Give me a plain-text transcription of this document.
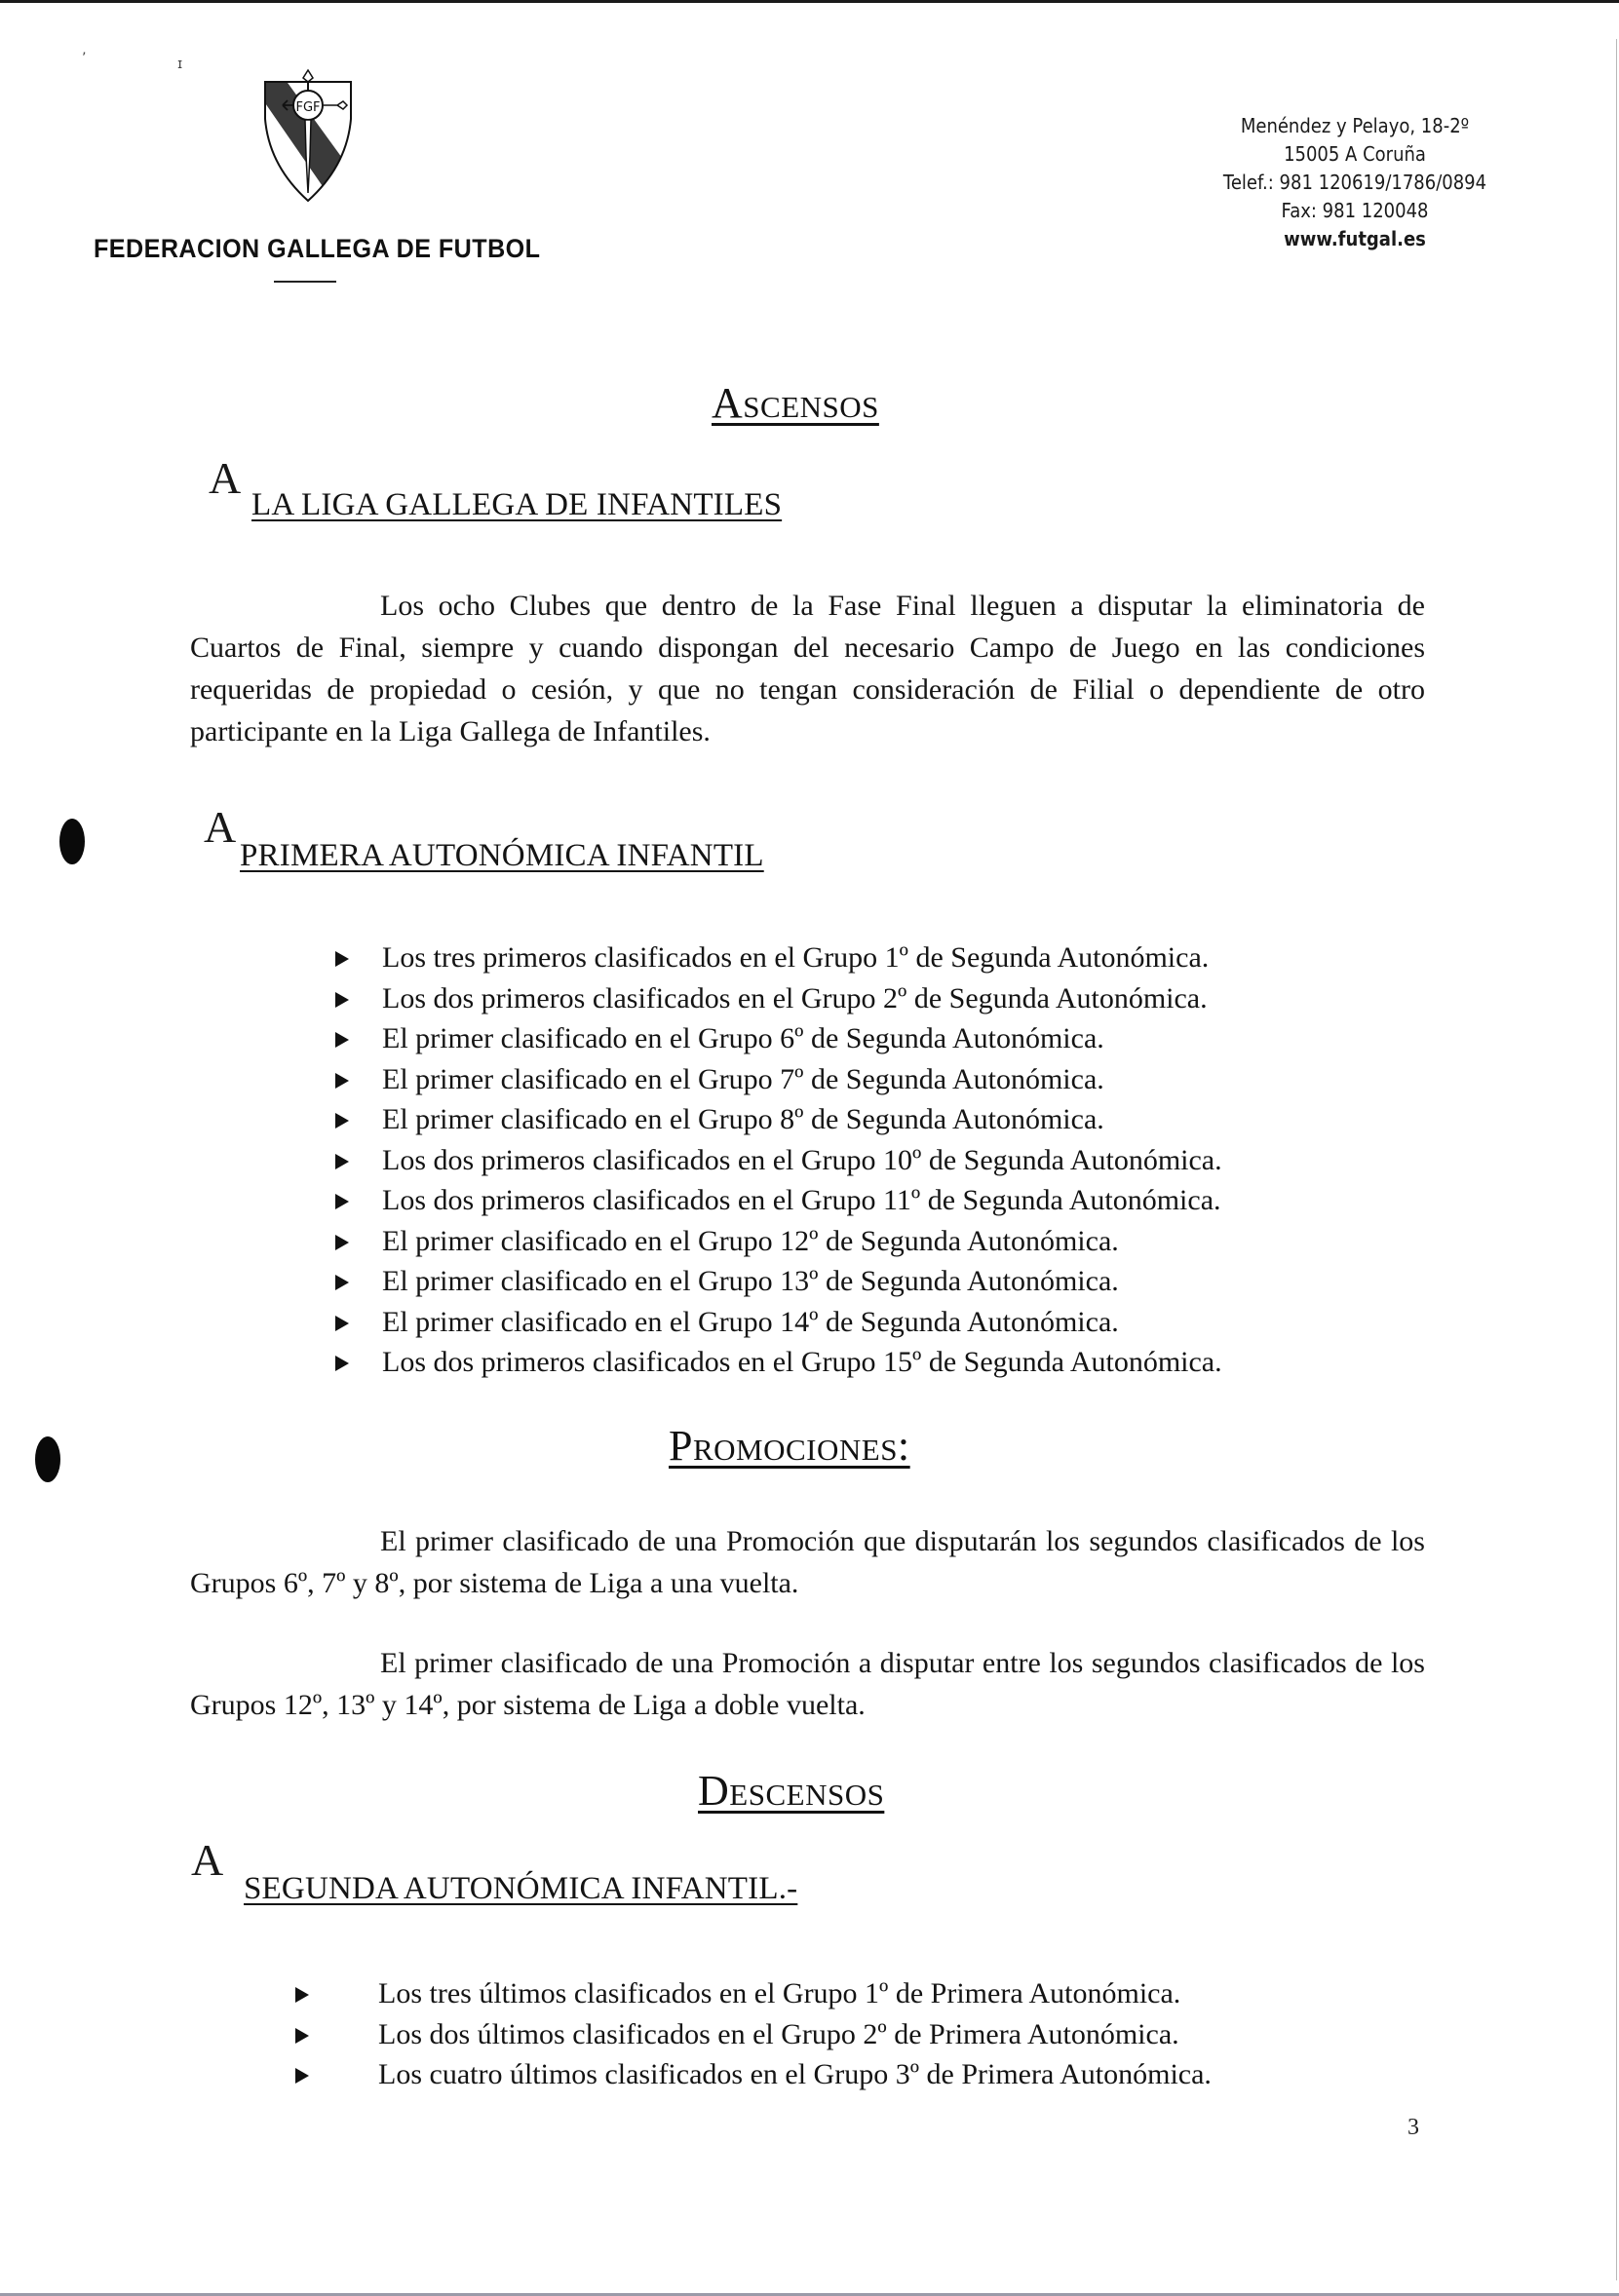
’	ɪ
FGF
FEDERACION GALLEGA DE FUTBOL
Menéndez y Pelayo, 18-2º
15005 A Coruña
Telef.: 981 120619/1786/0894
Fax: 981 120048
www.futgal.es
Ascensos
A
LA LIGA GALLEGA DE INFANTILES
Los ocho Clubes que dentro de la Fase Final lleguen a disputar la eliminatoria de Cuartos de Final, siempre y cuando dispongan del necesario Campo de Juego en las condiciones requeridas de propiedad o cesión, y que no tengan consideración de Filial o dependiente de otro participante en la Liga Gallega de Infantiles.
A
PRIMERA AUTONÓMICA INFANTIL
Los tres primeros clasificados en el Grupo 1º de Segunda Autonómica.
Los dos primeros clasificados en el Grupo 2º de Segunda Autonómica.
El primer clasificado en el Grupo 6º de Segunda Autonómica.
El primer clasificado en el Grupo 7º de Segunda Autonómica.
El primer clasificado en el Grupo 8º de Segunda Autonómica.
Los dos primeros clasificados en el Grupo 10º de Segunda Autonómica.
Los dos primeros clasificados en el Grupo 11º de Segunda Autonómica.
El primer clasificado en el Grupo 12º de Segunda Autonómica.
El primer clasificado en el Grupo 13º de Segunda Autonómica.
El primer clasificado en el Grupo 14º de Segunda Autonómica.
Los dos primeros clasificados en el Grupo 15º de Segunda Autonómica.
Promociones:
El primer clasificado de una Promoción que disputarán los segundos clasificados de los Grupos 6º, 7º y 8º, por sistema de Liga a una vuelta.
El primer clasificado de una Promoción a disputar entre los segundos clasificados de los Grupos 12º, 13º y 14º, por sistema de Liga a doble vuelta.
Descensos
A
SEGUNDA AUTONÓMICA INFANTIL.-
Los tres últimos clasificados en el Grupo 1º de Primera Autonómica.
Los dos últimos clasificados en el Grupo 2º de Primera Autonómica.
Los cuatro últimos clasificados en el Grupo 3º de Primera Autonómica.
3
